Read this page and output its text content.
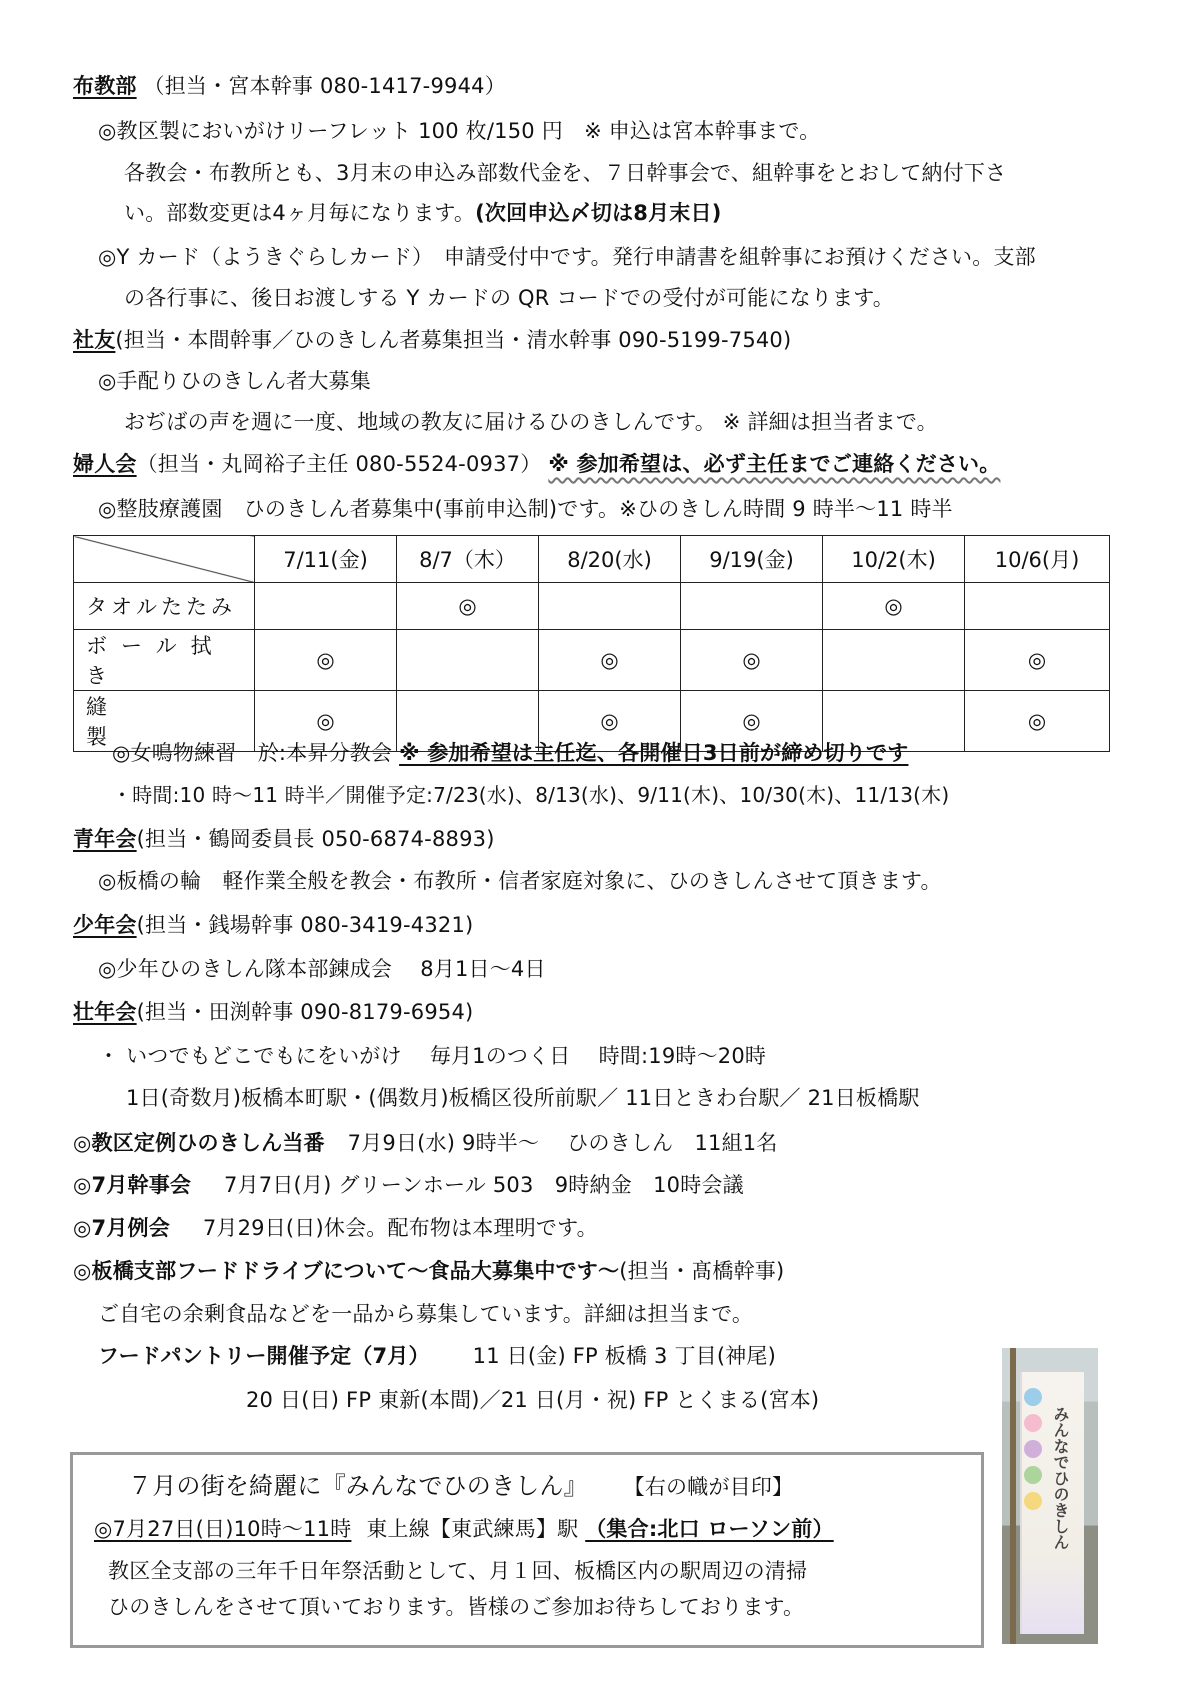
布教部 （担当・宮本幹事 080-1417-9944）
◎教区製においがけリーフレット 100 枚/150 円　※ 申込は宮本幹事まで。
各教会・布教所とも、3月末の申込み部数代金を、７日幹事会で、組幹事をとおして納付下さ
い。部数変更は4ヶ月毎になります。(次回申込〆切は8月末日)
◎Y カード（ようきぐらしカード）　申請受付中です。発行申請書を組幹事にお預けください。支部
の各行事に、後日お渡しする Y カードの QR コードでの受付が可能になります。
社友(担当・本間幹事／ひのきしん者募集担当・清水幹事 090-5199-7540)
◎手配りひのきしん者大募集
おぢばの声を週に一度、地域の教友に届けるひのきしんです。 ※ 詳細は担当者まで。
婦人会（担当・丸岡裕子主任 080-5524-0937） ※ 参加希望は、必ず主任までご連絡ください。
◎整肢療護園　ひのきしん者募集中(事前申込制)です。※ひのきしん時間 9 時半～11 時半
	7/11(金)	8/7（木）	8/20(水)	9/19(金)	10/2(木)	10/6(月)
タオルたたみ		◎			◎	
ボール拭き	◎		◎	◎		◎
縫製	◎		◎	◎		◎
◎女鳴物練習　於:本昇分教会 ※ 参加希望は主任迄、各開催日3日前が締め切りです
・時間:10 時～11 時半／開催予定:7/23(水)、8/13(水)、9/11(木)、10/30(木)、11/13(木)
青年会(担当・鶴岡委員長 050-6874-8893)
◎板橋の輪　軽作業全般を教会・布教所・信者家庭対象に、ひのきしんさせて頂きます。
少年会(担当・銭場幹事 080-3419-4321)
◎少年ひのきしん隊本部錬成会　 8月1日～4日
壮年会(担当・田渕幹事 090-8179-6954)
・ いつでもどこでもにをいがけ　 毎月1のつく日　 時間:19時～20時
1日(奇数月)板橋本町駅・(偶数月)板橋区役所前駅／ 11日ときわ台駅／ 21日板橋駅
◎教区定例ひのきしん当番 7月9日(水) 9時半～　 ひのきしん　11組1名
◎7月幹事会 7月7日(月) グリーンホール 503　9時納金　10時会議
◎7月例会 7月29日(日)休会。配布物は本理明です。
◎板橋支部フードドライブについて～食品大募集中です～(担当・髙橋幹事)
ご自宅の余剰食品などを一品から募集しています。詳細は担当まで。
フードパントリー開催予定（7月） 11 日(金) FP 板橋 3 丁目(神尾)
20 日(日) FP 東新(本間)／21 日(月・祝) FP とくまる(宮本)
７月の街を綺麗に『みんなでひのきしん』 【右の幟が目印】
◎7月27日(日)10時～11時 東上線【東武練馬】駅 （集合:北口 ローソン前）
教区全支部の三年千日年祭活動として、月１回、板橋区内の駅周辺の清掃
ひのきしんをさせて頂いております。皆様のご参加お待ちしております。
みんなでひのきしん
